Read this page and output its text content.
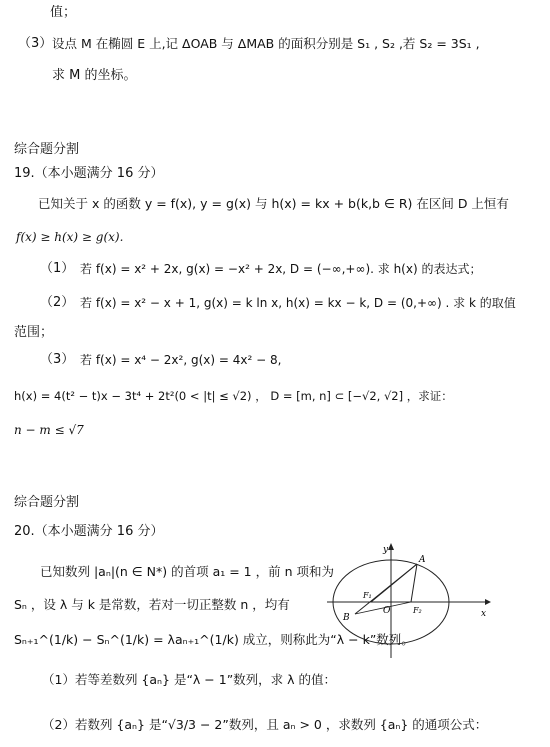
值；
（3） 设点 M 在椭圆 E 上,记 ΔOAB 与 ΔMAB 的面积分别是 S₁ , S₂ ,若 S₂ = 3S₁ ,
求 M 的坐标。
综合题分割
19.（本小题满分 16 分）
已知关于 x 的函数 y = f(x), y = g(x) 与 h(x) = kx + b(k,b ∈ R) 在区间 D 上恒有
f(x) ≥ h(x) ≥ g(x).
（1） 若 f(x) = x² + 2x, g(x) = −x² + 2x, D = (−∞,+∞). 求 h(x) 的表达式；
（2） 若 f(x) = x² − x + 1, g(x) = k ln x, h(x) = kx − k, D = (0,+∞) . 求 k 的取值
范围；
（3） 若 f(x) = x⁴ − 2x², g(x) = 4x² − 8,
h(x) = 4(t² − t)x − 3t⁴ + 2t²(0 < |t| ≤ √2) ， D = [m, n] ⊂ [−√2, √2] ，求证：
n − m ≤ √7
综合题分割
20.（本小题满分 16 分）
已知数列 |aₙ|(n ∈ N*) 的首项 a₁ = 1 ，前 n 项和为
Sₙ ，设 λ 与 k 是常数，若对一切正整数 n ，均有
Sₙ₊₁^(1/k) − Sₙ^(1/k) = λaₙ₊₁^(1/k) 成立，则称此为“λ − k”数列。
（1）若等差数列 {aₙ} 是“λ − 1”数列，求 λ 的值：
（2）若数列 {aₙ} 是“√3/3 − 2”数列，且 aₙ > 0 ，求数列 {aₙ} 的通项公式：
y
x
A
B
O
F₁
F₂
